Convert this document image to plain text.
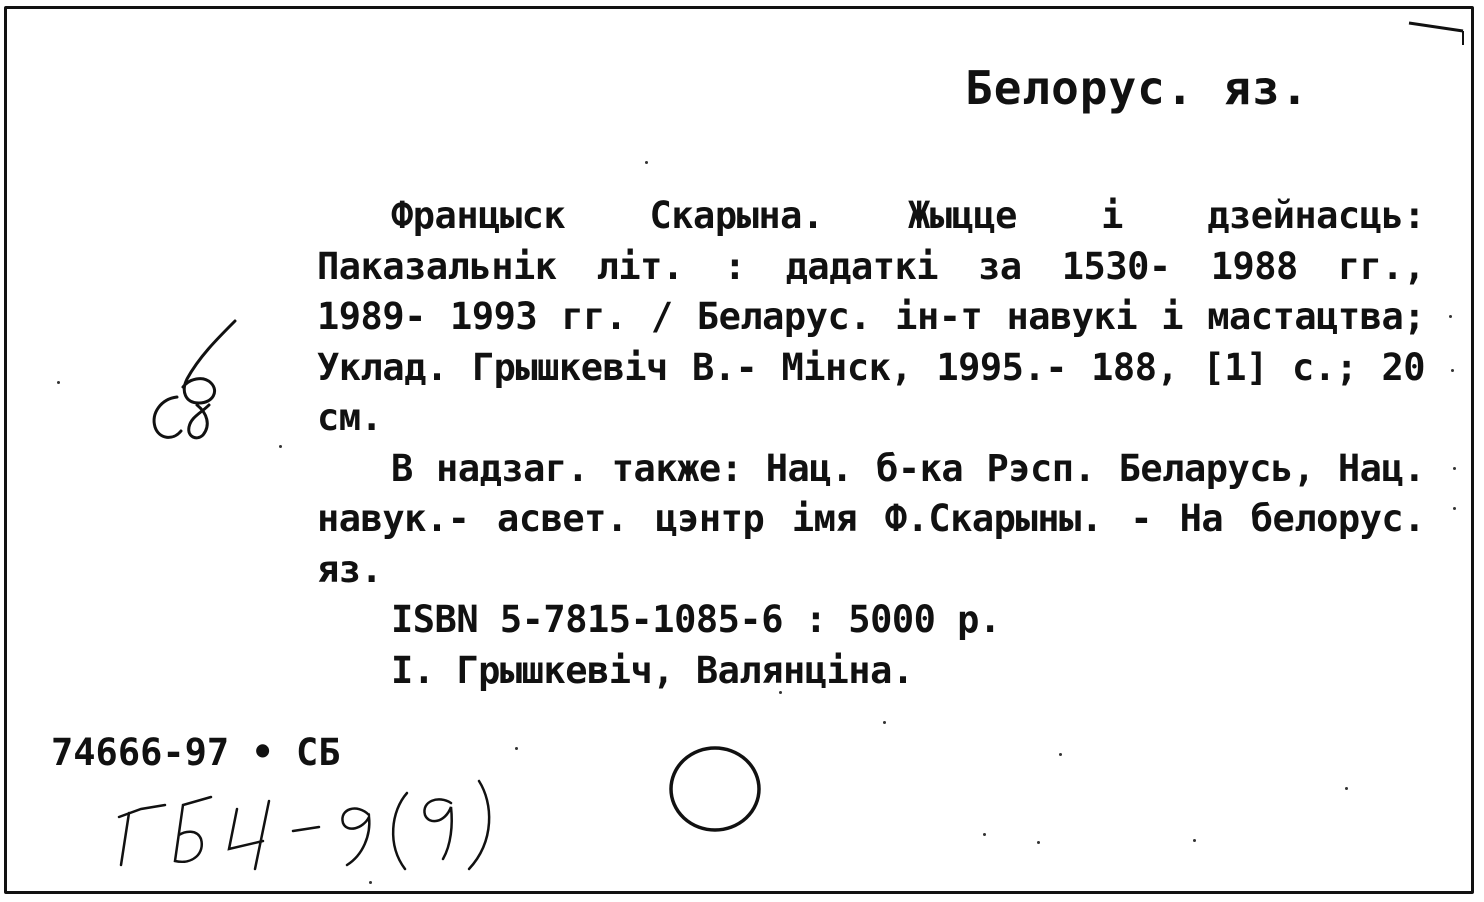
Белорус. яз.

Францыск Скарына. Жыцце і дзейнасць: Паказальнік літ. : дадаткі за 1530- 1988 гг., 1989- 1993 гг. / Беларус. ін-т навукі і мастацтва; Уклад. Грышкевіч В.- Мінск, 1995.- 188, [1] с.; 20 см.

В надзаг. также: Нац. б-ка Рэсп. Беларусь, Нац. навук.- асвет. цэнтр імя Ф.Скарыны. - На белорус. яз.

ISBN 5-7815-1085-6 : 5000 р.

I. Грышкевіч, Валянціна.

74666-97 • СБ
